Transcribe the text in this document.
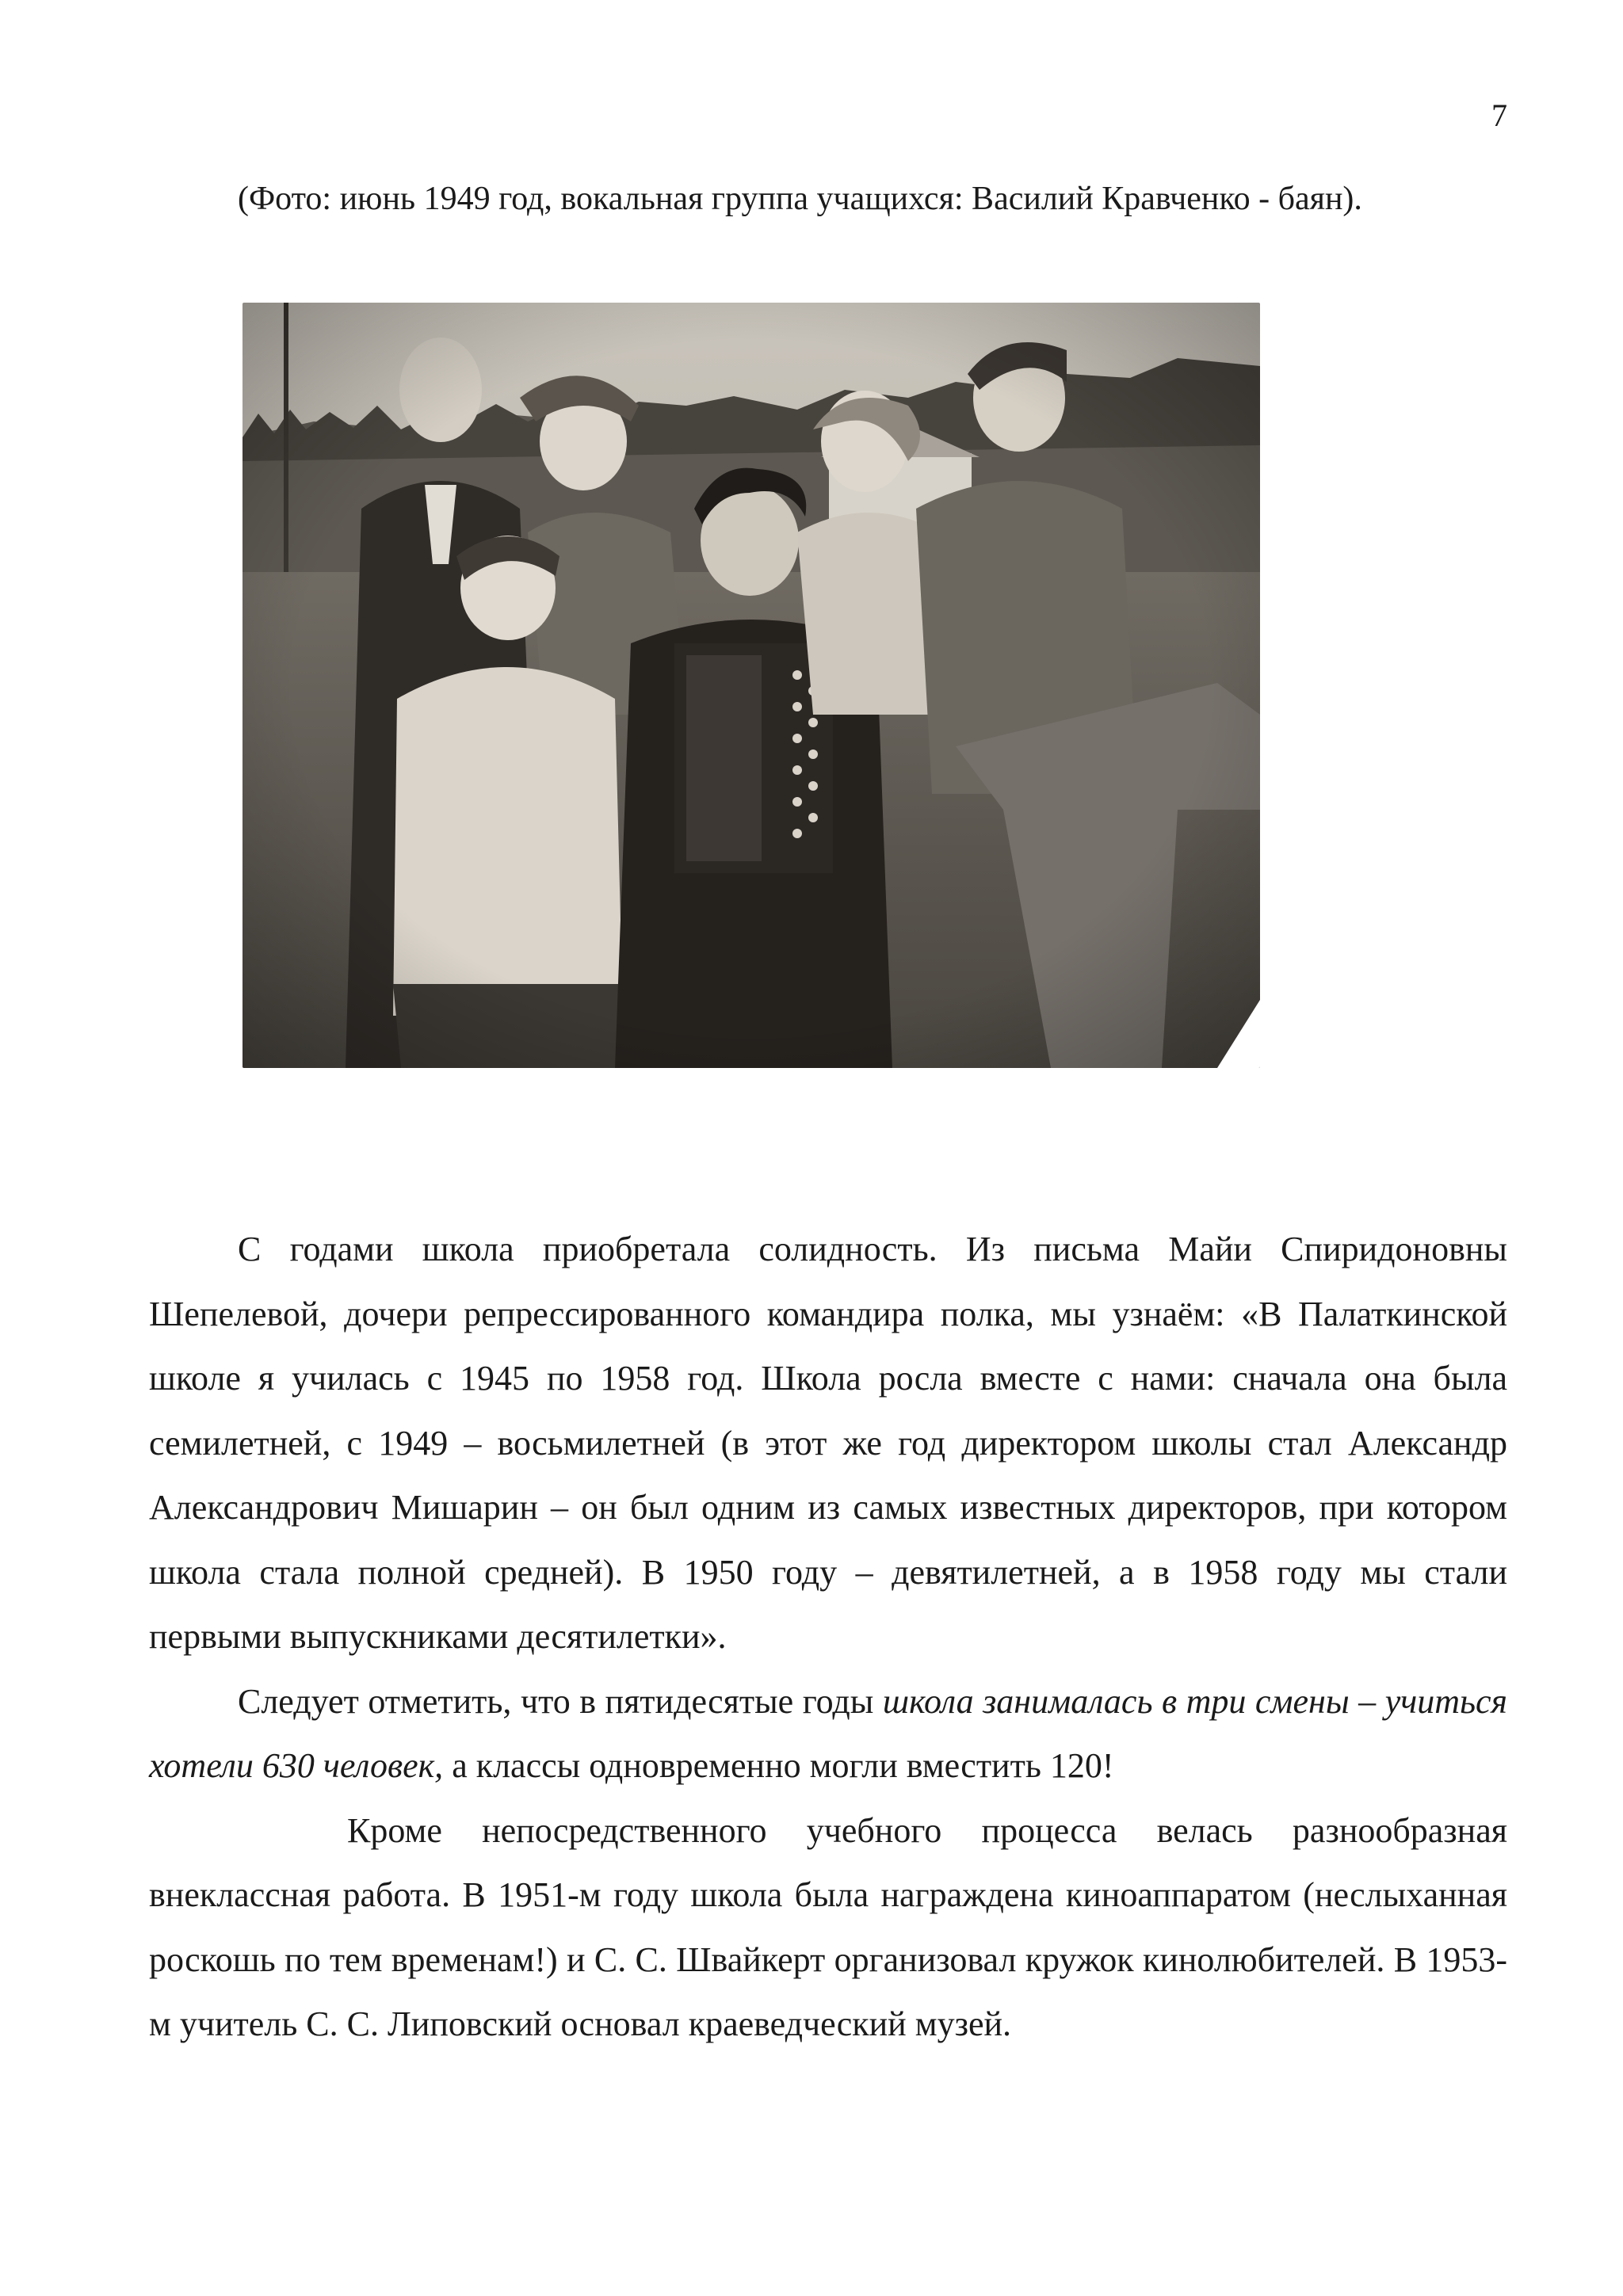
7

(Фото: июнь 1949 год, вокальная группа учащихся: Василий Кравченко - баян).

С годами школа приобретала солидность. Из письма Майи Спиридоновны Шепелевой, дочери репрессированного командира полка, мы узнаём: «В Палаткинской школе я училась с 1945 по 1958 год. Школа росла вместе с нами: сначала она была семилетней, с 1949 – восьмилетней (в этот же год директором школы стал Александр Александрович Мишарин – он был одним из самых известных директоров, при котором школа стала полной средней). В 1950 году – девятилетней, а в 1958 году мы стали первыми выпускниками десятилетки».

Следует отметить, что в пятидесятые годы школа занималась в три смены – учиться хотели 630 человек, а классы одновременно могли вместить 120!

Кроме непосредственного учебного процесса велась разнообразная внеклассная работа. В 1951-м году школа была награждена киноаппаратом (неслыханная роскошь по тем временам!) и С. С. Швайкерт организовал кружок кинолюбителей. В 1953-м учитель С. С. Липовский основал краеведческий музей.
